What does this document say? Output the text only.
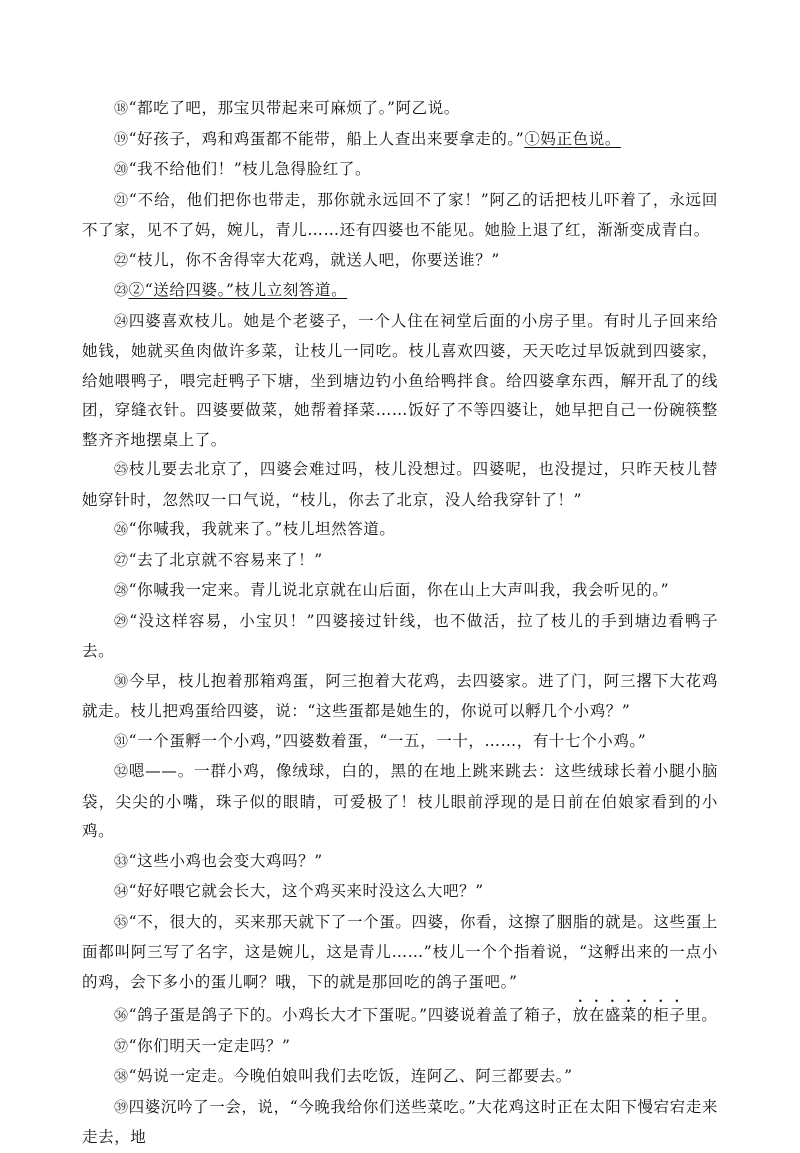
⑱“都吃了吧，那宝贝带起来可麻烦了。”阿乙说。

⑲“好孩子，鸡和鸡蛋都不能带，船上人查出来要拿走的。”①妈正色说。

⑳“我不给他们！”枝儿急得脸红了。

㉑“不给，他们把你也带走，那你就永远回不了家！”阿乙的话把枝儿吓着了，永远回不了家，见不了妈，婉儿，青儿……还有四婆也不能见。她脸上退了红，渐渐变成青白。

㉒“枝儿，你不舍得宰大花鸡，就送人吧，你要送谁？”

㉓②“送给四婆。”枝儿立刻答道。

㉔四婆喜欢枝儿。她是个老婆子，一个人住在祠堂后面的小房子里。有时儿子回来给她钱，她就买鱼肉做许多菜，让枝儿一同吃。枝儿喜欢四婆，天天吃过早饭就到四婆家，给她喂鸭子，喂完赶鸭子下塘，坐到塘边钓小鱼给鸭拌食。给四婆拿东西，解开乱了的线团，穿缝衣针。四婆要做菜，她帮着择菜……饭好了不等四婆让，她早把自己一份碗筷整整齐齐地摆桌上了。

㉕枝儿要去北京了，四婆会难过吗，枝儿没想过。四婆呢，也没提过，只昨天枝儿替她穿针时，忽然叹一口气说，“枝儿，你去了北京，没人给我穿针了！”

㉖“你喊我，我就来了。”枝儿坦然答道。

㉗“去了北京就不容易来了！”

㉘“你喊我一定来。青儿说北京就在山后面，你在山上大声叫我，我会听见的。”

㉙“没这样容易，小宝贝！”四婆接过针线，也不做活，拉了枝儿的手到塘边看鸭子去。

㉚今早，枝儿抱着那箱鸡蛋，阿三抱着大花鸡，去四婆家。进了门，阿三撂下大花鸡就走。枝儿把鸡蛋给四婆，说：“这些蛋都是她生的，你说可以孵几个小鸡？”

㉛“一个蛋孵一个小鸡，”四婆数着蛋，“一五，一十，……，有十七个小鸡。”

㉜嗯——。一群小鸡，像绒球，白的，黑的在地上跳来跳去：这些绒球长着小腿小脑袋，尖尖的小嘴，珠子似的眼睛，可爱极了！枝儿眼前浮现的是日前在伯娘家看到的小鸡。

㉝“这些小鸡也会变大鸡吗？”

㉞“好好喂它就会长大，这个鸡买来时没这么大吧？”

㉟“不，很大的，买来那天就下了一个蛋。四婆，你看，这擦了胭脂的就是。这些蛋上面都叫阿三写了名字，这是婉儿，这是青儿……”枝儿一个个指着说，“这孵出来的一点小的鸡，会下多小的蛋儿啊？哦，下的就是那回吃的鸽子蛋吧。”

㊱“鸽子蛋是鸽子下的。小鸡长大才下蛋呢。”四婆说着盖了箱子，放在盛菜的柜子里。

㊲“你们明天一定走吗？”

㊳“妈说一定走。今晚伯娘叫我们去吃饭，连阿乙、阿三都要去。”

㊴四婆沉吟了一会，说，“今晚我给你们送些菜吃。”大花鸡这时正在太阳下慢宕宕走来走去，地
